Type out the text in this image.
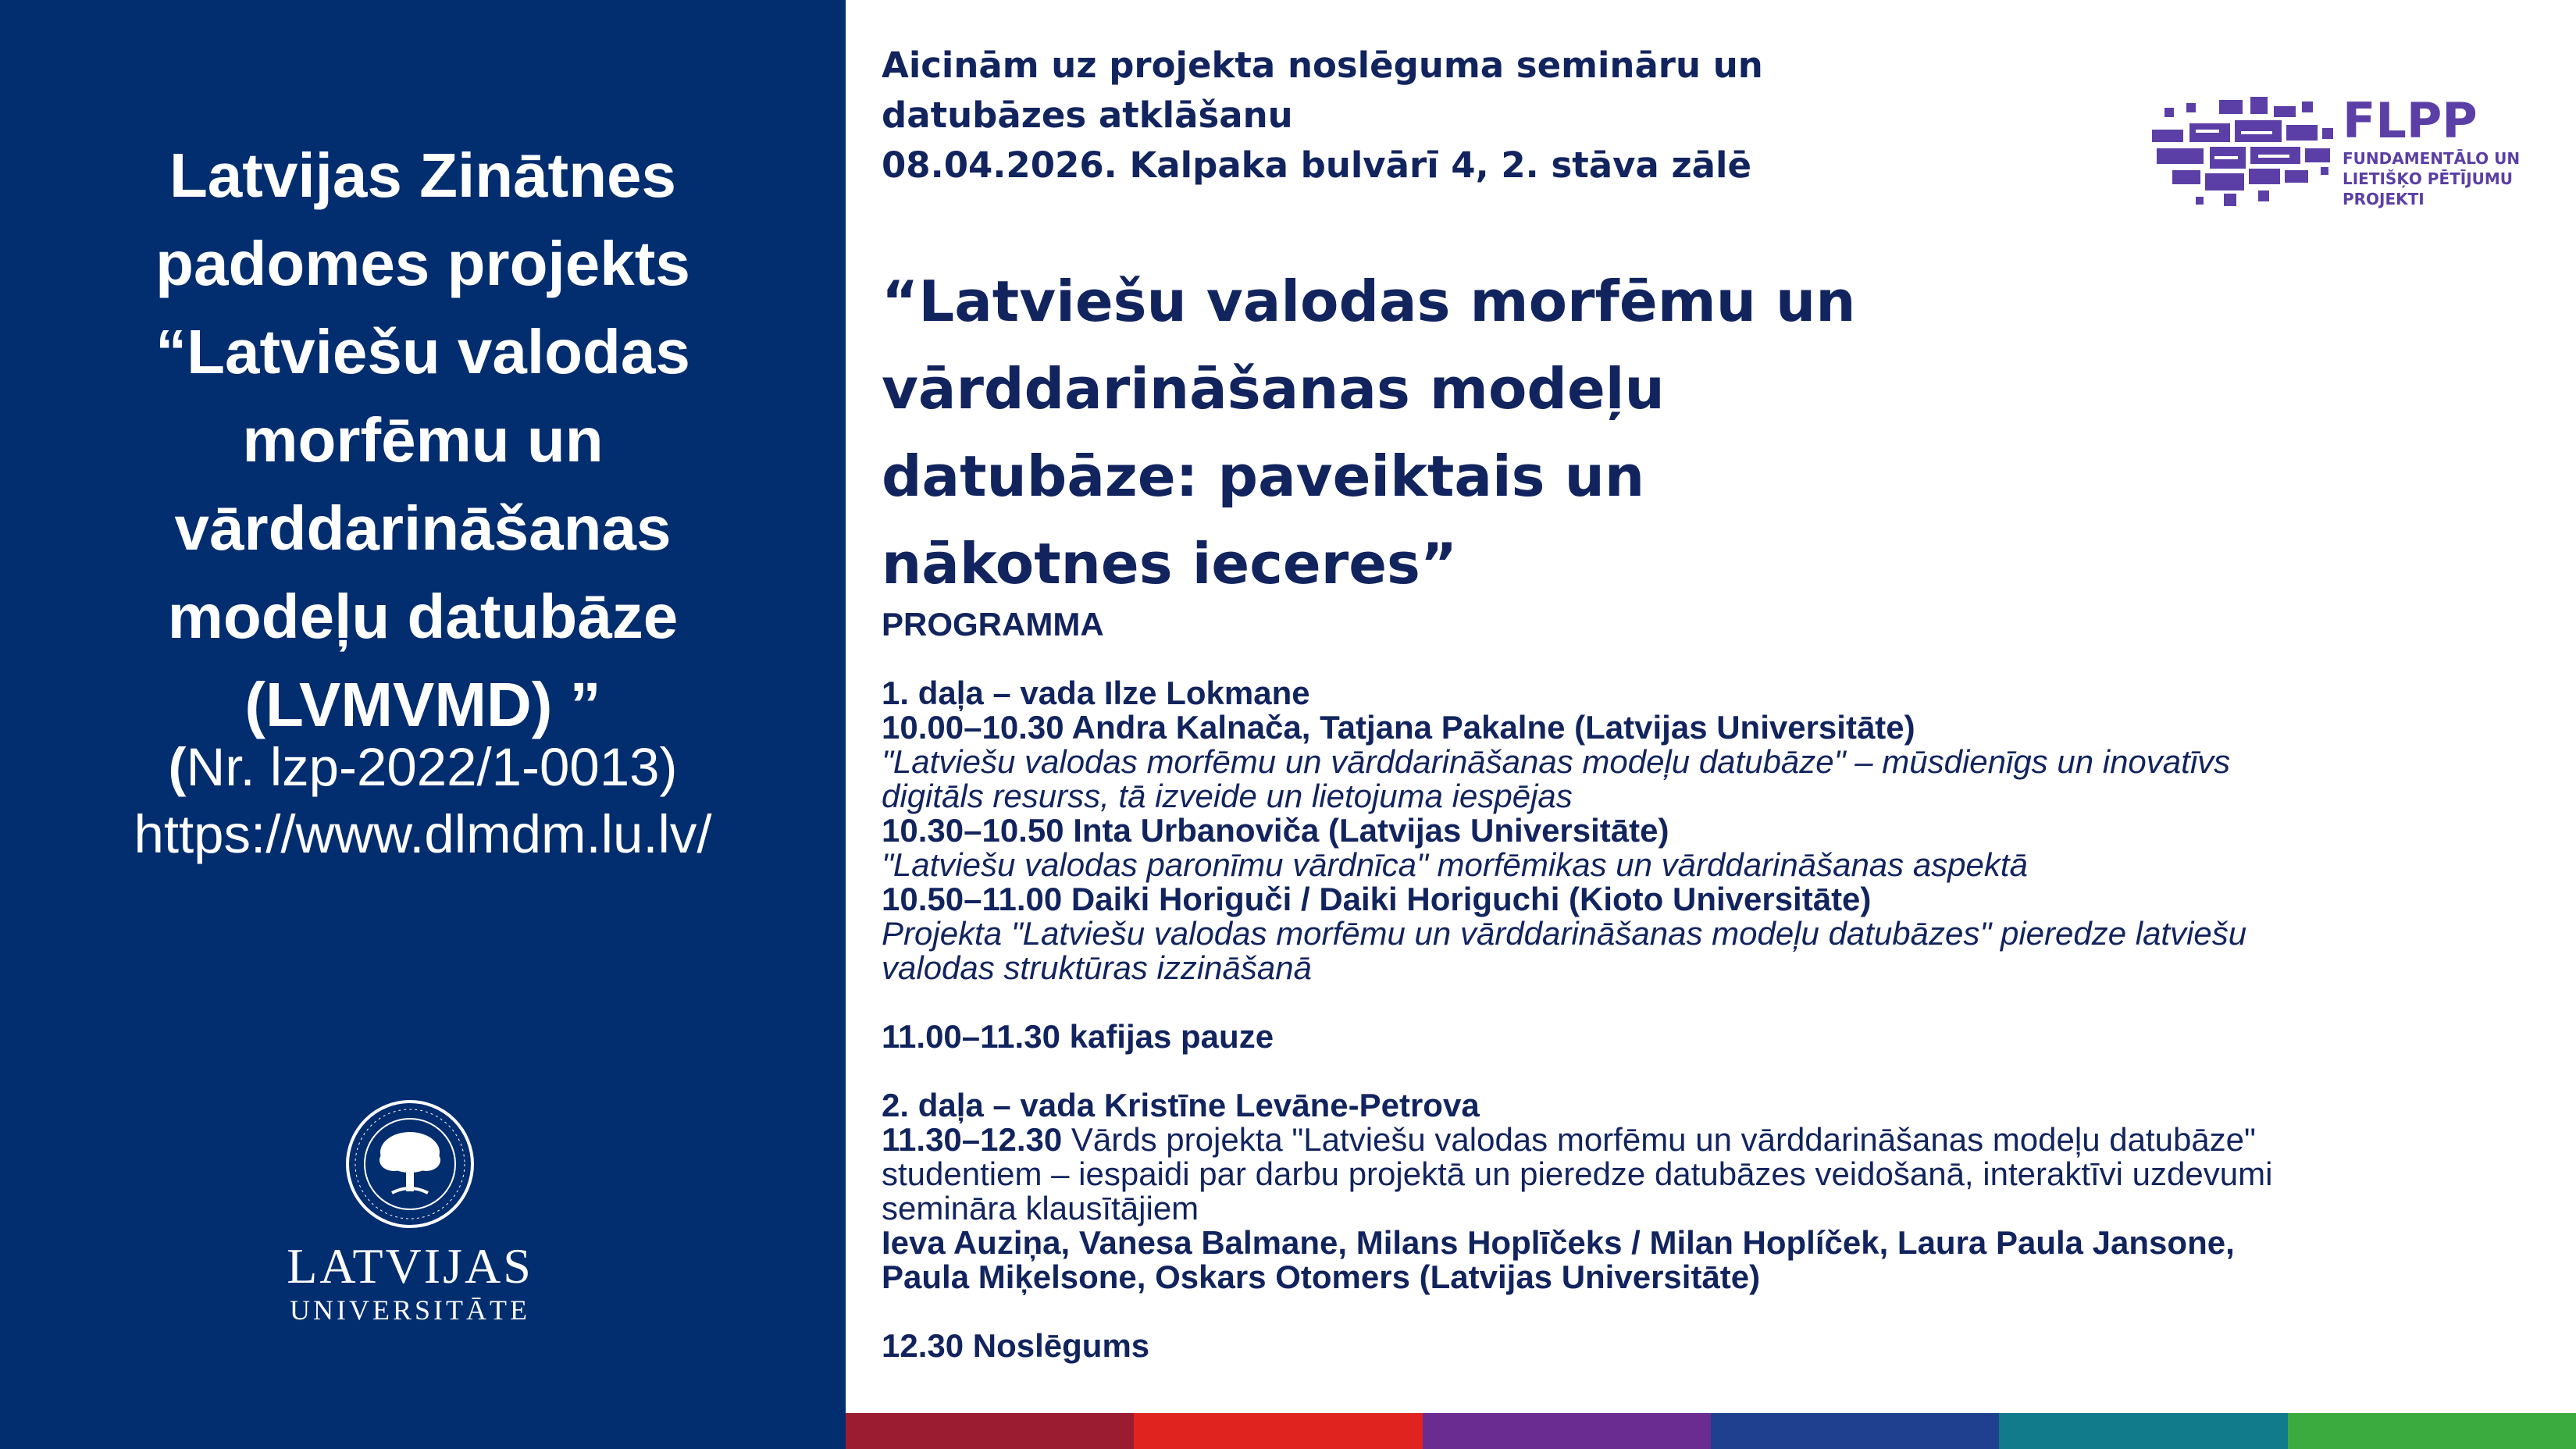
Latvijas Zinātnes
padomes projekts
“Latviešu valodas
morfēmu un
vārddarināšanas
modeļu datubāze
(LVMVMD) ”
(Nr. lzp-2022/1-0013)
https://www.dlmdm.lu.lv/
LATVIJAS
UNIVERSITĀTE
Aicinām uz projekta noslēguma semināru un
datubāzes atklāšanu
08.04.2026. Kalpaka bulvārī 4, 2. stāva zālē
FLPP
FUNDAMENTĀLO UN
LIETIŠĶO PĒTĪJUMU
PROJEKTI
“Latviešu valodas morfēmu un
vārddarināšanas modeļu
datubāze: paveiktais un
nākotnes ieceres”
PROGRAMMA
1. daļa – vada Ilze Lokmane
10.00–10.30 Andra Kalnača, Tatjana Pakalne (Latvijas Universitāte)
"Latviešu valodas morfēmu un vārddarināšanas modeļu datubāze" – mūsdienīgs un inovatīvs
digitāls resurss, tā izveide un lietojuma iespējas
10.30–10.50 Inta Urbanoviča (Latvijas Universitāte)
"Latviešu valodas paronīmu vārdnīca" morfēmikas un vārddarināšanas aspektā
10.50–11.00 Daiki Horiguči / Daiki Horiguchi (Kioto Universitāte)
Projekta "Latviešu valodas morfēmu un vārddarināšanas modeļu datubāzes" pieredze latviešu
valodas struktūras izzināšanā
11.00–11.30 kafijas pauze
2. daļa – vada Kristīne Levāne-Petrova
11.30–12.30 Vārds projekta "Latviešu valodas morfēmu un vārddarināšanas modeļu datubāze"
studentiem – iespaidi par darbu projektā un pieredze datubāzes veidošanā, interaktīvi uzdevumi
semināra klausītājiem
Ieva Auziņa, Vanesa Balmane, Milans Hoplīčeks / Milan Hoplíček, Laura Paula Jansone,
Paula Miķelsone, Oskars Otomers (Latvijas Universitāte)
12.30 Noslēgums
